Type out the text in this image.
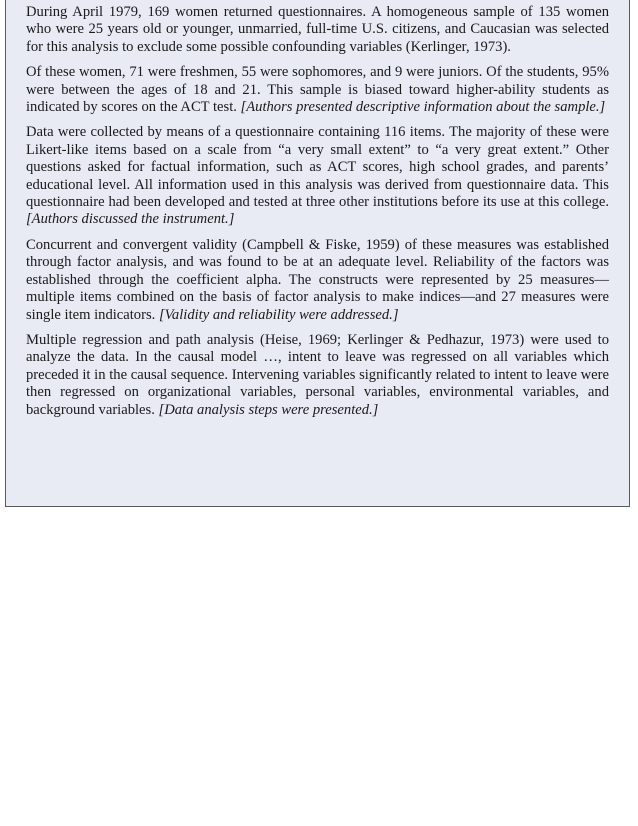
During April 1979, 169 women returned questionnaires. A homogeneous sample of 135 women who were 25 years old or younger, unmarried, full-time U.S. citizens, and Caucasian was selected for this analysis to exclude some possible confounding variables (Kerlinger, 1973).

Of these women, 71 were freshmen, 55 were sophomores, and 9 were juniors. Of the students, 95% were between the ages of 18 and 21. This sample is biased toward higher-ability students as indicated by scores on the ACT test. [Authors presented descriptive information about the sample.]

Data were collected by means of a questionnaire containing 116 items. The majority of these were Likert-like items based on a scale from “a very small extent” to “a very great extent.” Other questions asked for factual information, such as ACT scores, high school grades, and parents’ educational level. All information used in this analysis was derived from questionnaire data. This questionnaire had been developed and tested at three other institutions before its use at this college. [Authors discussed the instrument.]

Concurrent and convergent validity (Campbell & Fiske, 1959) of these measures was established through factor analysis, and was found to be at an adequate level. Reliability of the factors was established through the coefficient alpha. The constructs were represented by 25 measures—multiple items combined on the basis of factor analysis to make indices—and 27 measures were single item indicators. [Validity and reliability were addressed.]

Multiple regression and path analysis (Heise, 1969; Kerlinger & Pedhazur, 1973) were used to analyze the data. In the causal model …, intent to leave was regressed on all variables which preceded it in the causal sequence. Intervening variables significantly related to intent to leave were then regressed on organizational variables, personal variables, environmental variables, and background variables. [Data analysis steps were presented.]
